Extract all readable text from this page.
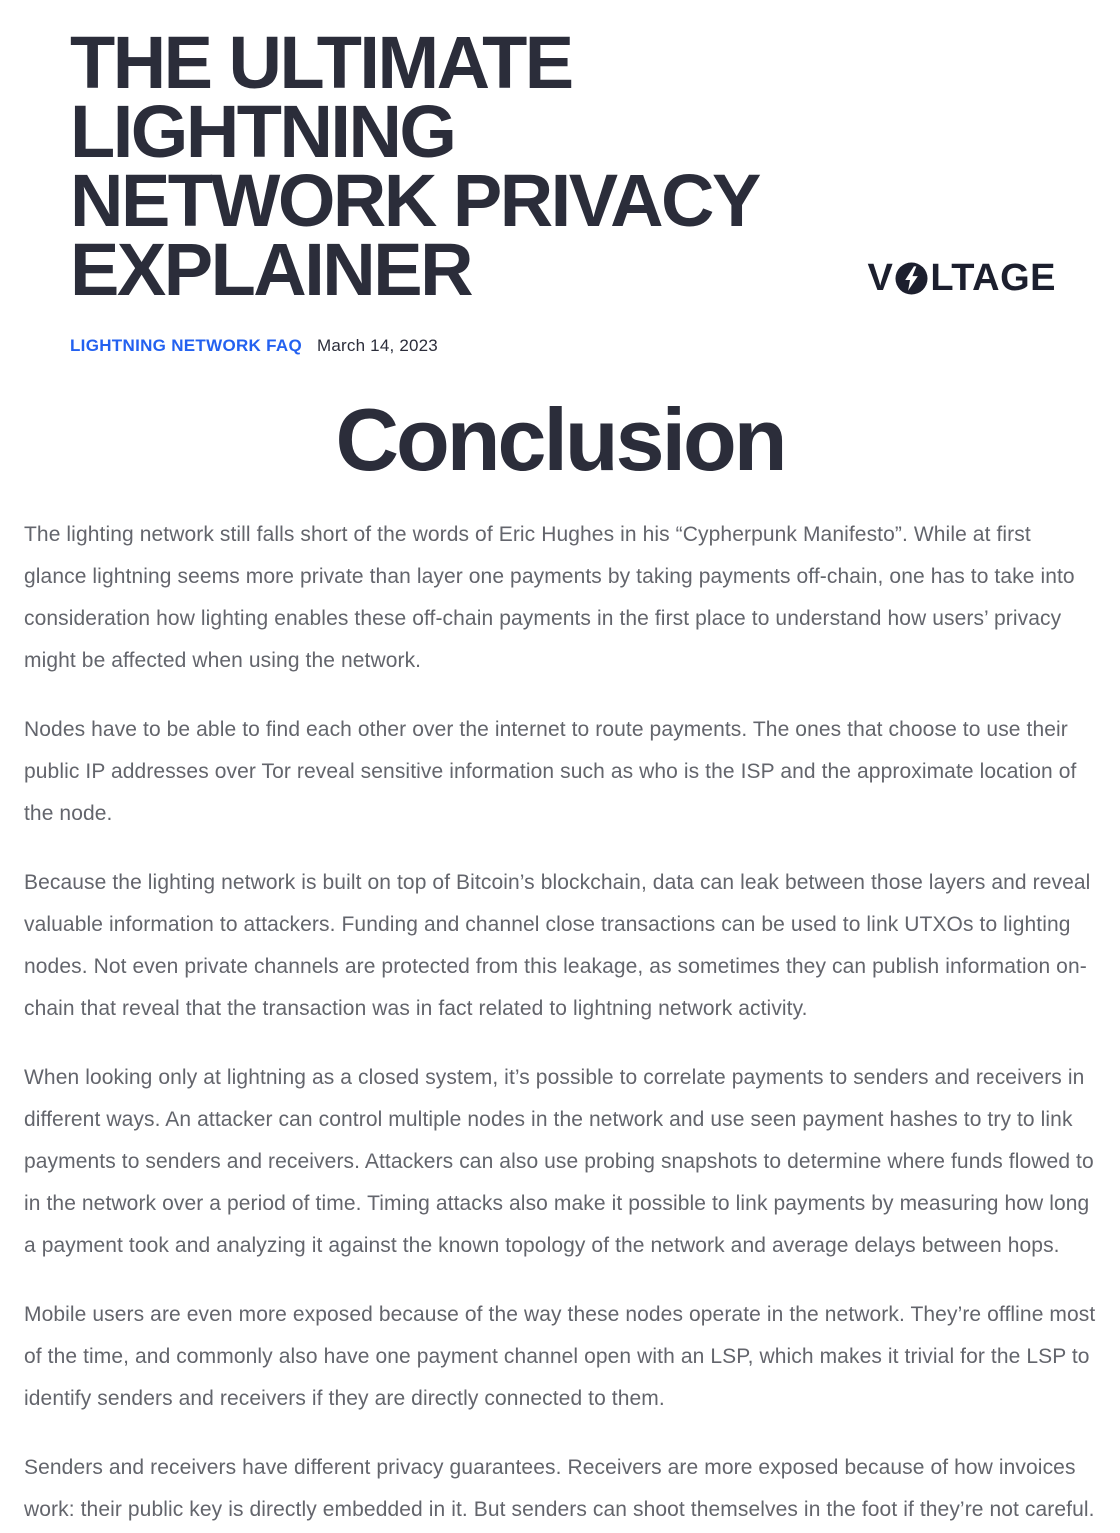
THE ULTIMATE LIGHTNING
NETWORK PRIVACY
EXPLAINER	V LTAGE
LIGHTNING NETWORK FAQ March 14, 2023
Conclusion

The lighting network still falls short of the words of Eric Hughes in his “Cypherpunk Manifesto”. While at first glance lightning seems more private than layer one payments by taking payments off-chain, one has to take into consideration how lighting enables these off-chain payments in the first place to understand how users’ privacy might be affected when using the network.

Nodes have to be able to find each other over the internet to route payments. The ones that choose to use their public IP addresses over Tor reveal sensitive information such as who is the ISP and the approximate location of the node.

Because the lighting network is built on top of Bitcoin’s blockchain, data can leak between those layers and reveal valuable information to attackers. Funding and channel close transactions can be used to link UTXOs to lighting nodes. Not even private channels are protected from this leakage, as sometimes they can publish information on-chain that reveal that the transaction was in fact related to lightning network activity.

When looking only at lightning as a closed system, it’s possible to correlate payments to senders and receivers in different ways. An attacker can control multiple nodes in the network and use seen payment hashes to try to link payments to senders and receivers. Attackers can also use probing snapshots to determine where funds flowed to in the network over a period of time. Timing attacks also make it possible to link payments by measuring how long a payment took and analyzing it against the known topology of the network and average delays between hops.

Mobile users are even more exposed because of the way these nodes operate in the network. They’re offline most of the time, and commonly also have one payment channel open with an LSP, which makes it trivial for the LSP to identify senders and receivers if they are directly connected to them.

Senders and receivers have different privacy guarantees. Receivers are more exposed because of how invoices work: their public key is directly embedded in it. But senders can shoot themselves in the foot if they’re not careful.
